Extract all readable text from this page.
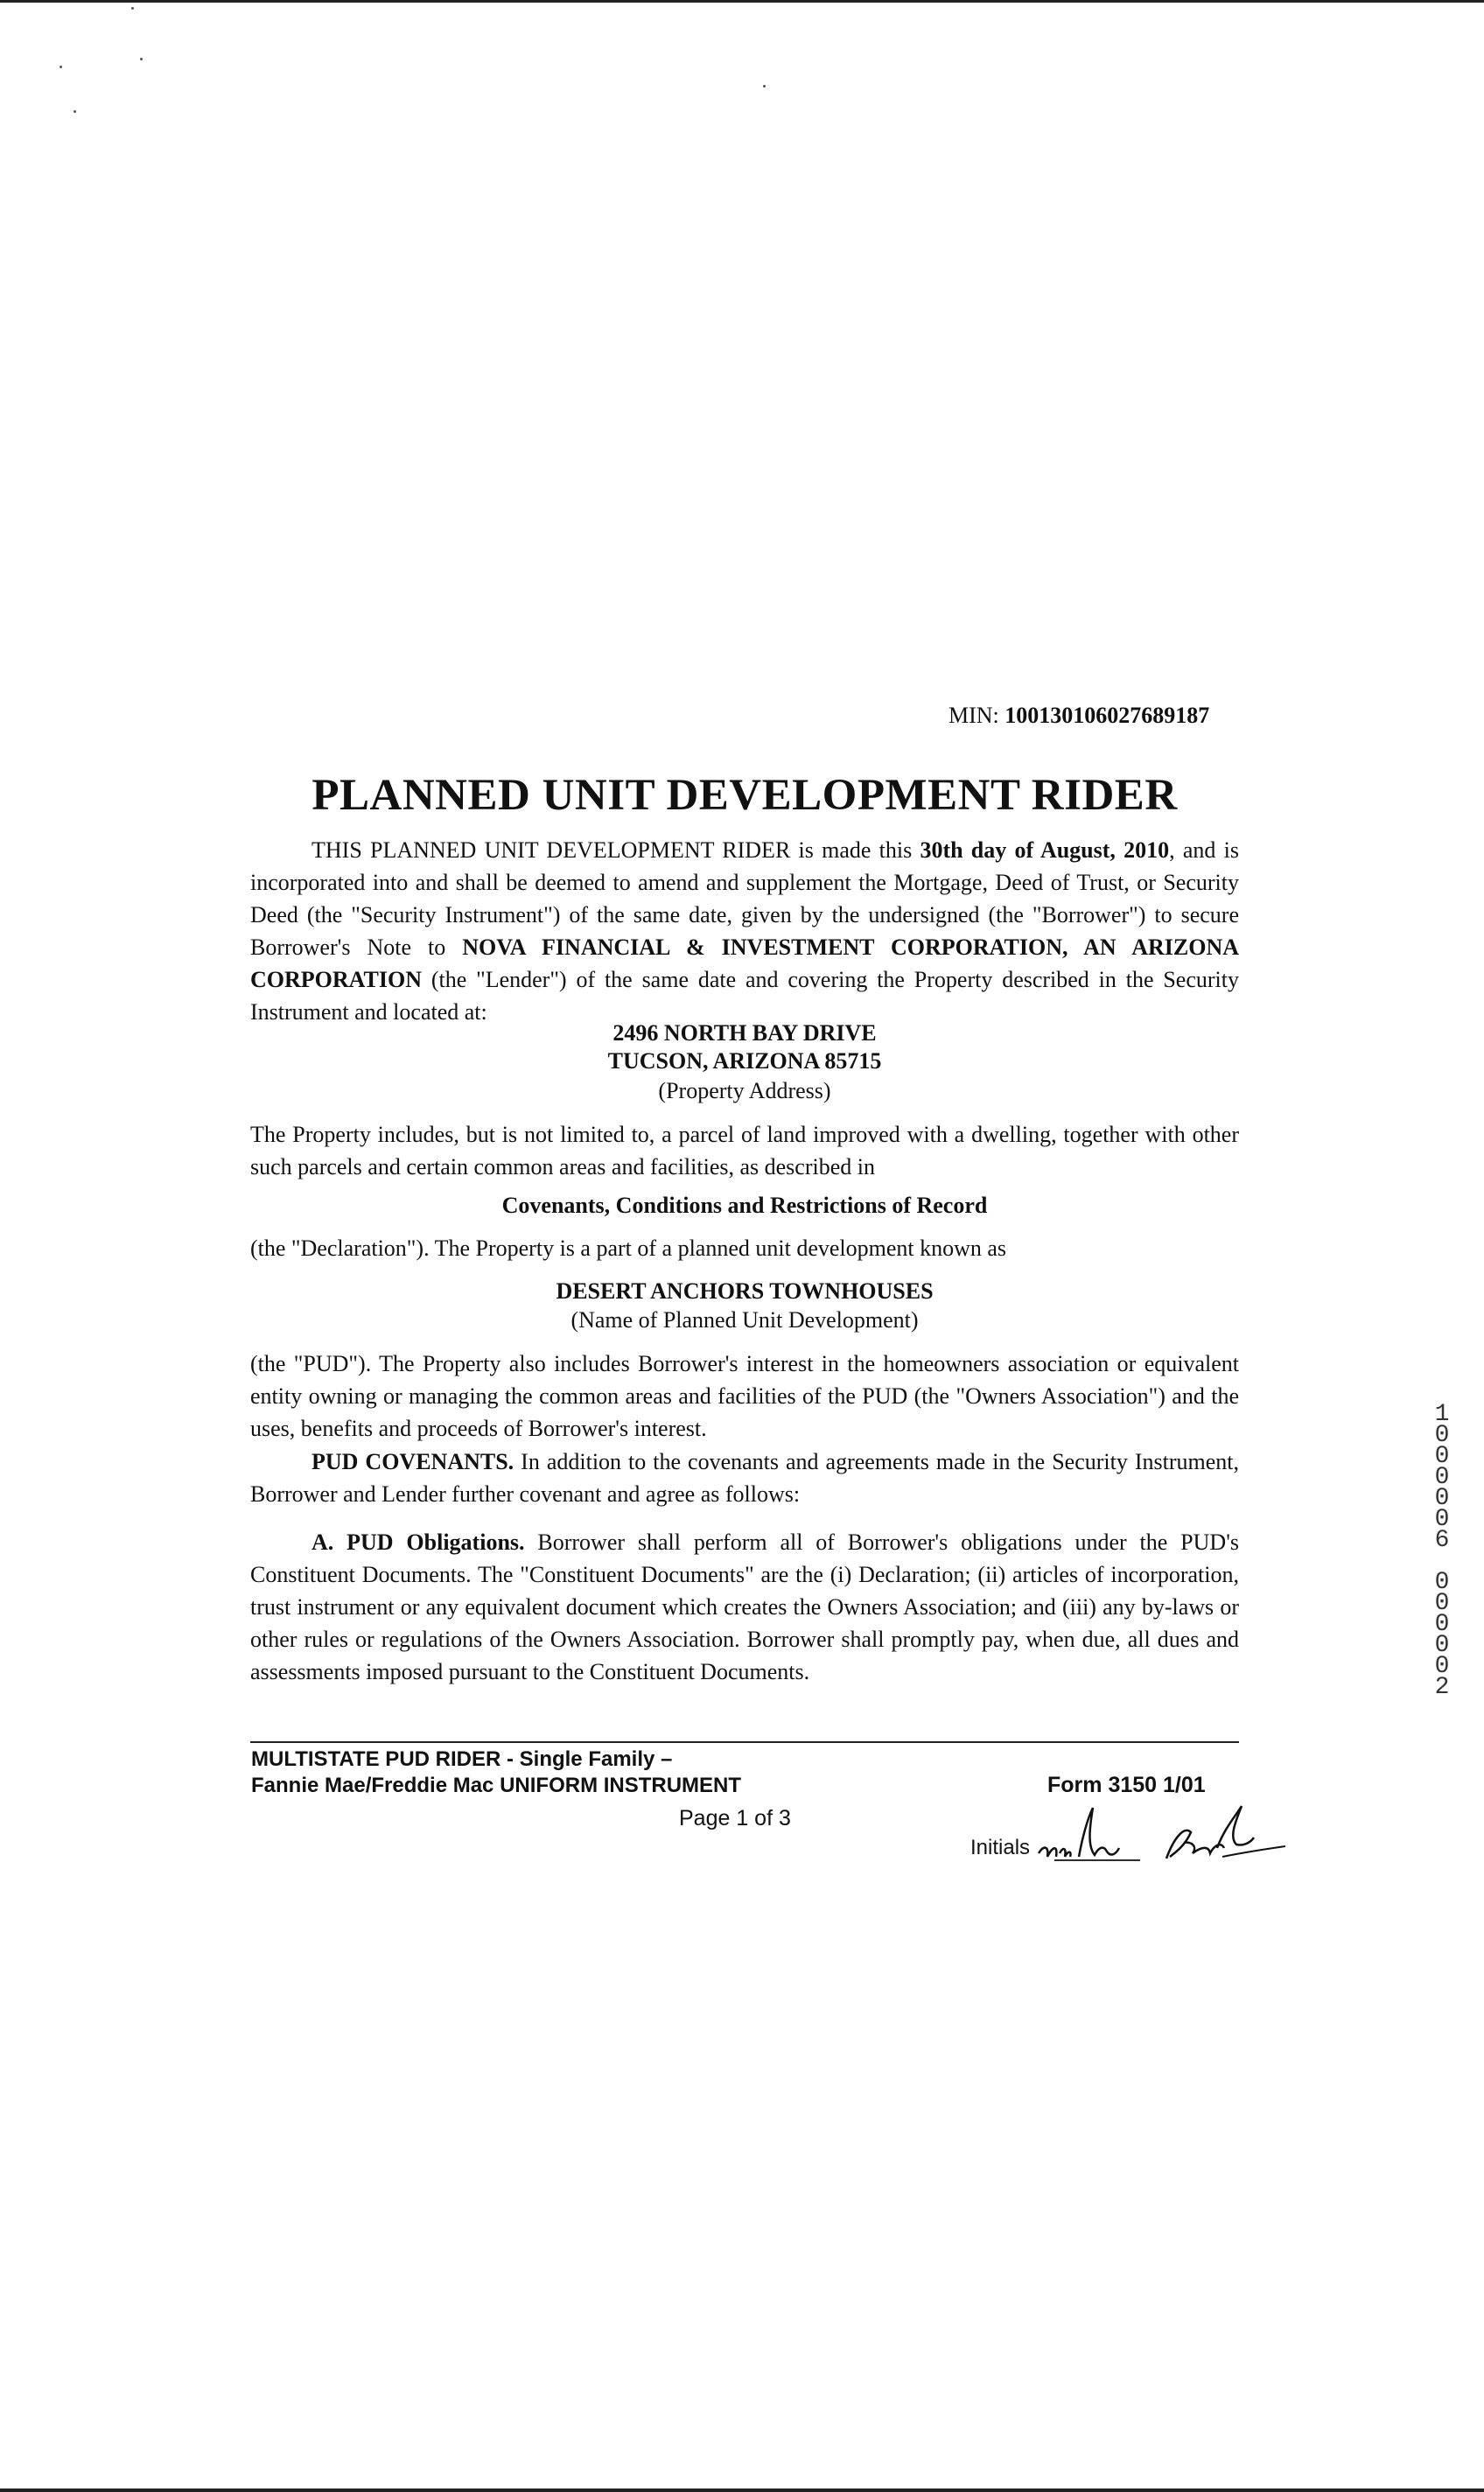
MIN: 100130106027689187
PLANNED UNIT DEVELOPMENT RIDER
THIS PLANNED UNIT DEVELOPMENT RIDER is made this 30th day of August, 2010, and is incorporated into and shall be deemed to amend and supplement the Mortgage, Deed of Trust, or Security Deed (the "Security Instrument") of the same date, given by the undersigned (the "Borrower") to secure Borrower's Note to NOVA FINANCIAL & INVESTMENT CORPORATION, AN ARIZONA CORPORATION (the "Lender") of the same date and covering the Property described in the Security Instrument and located at:
2496 NORTH BAY DRIVE
TUCSON, ARIZONA 85715
(Property Address)
The Property includes, but is not limited to, a parcel of land improved with a dwelling, together with other such parcels and certain common areas and facilities, as described in
Covenants, Conditions and Restrictions of Record
(the "Declaration"). The Property is a part of a planned unit development known as
DESERT ANCHORS TOWNHOUSES
(Name of Planned Unit Development)
(the "PUD"). The Property also includes Borrower's interest in the homeowners association or equivalent entity owning or managing the common areas and facilities of the PUD (the "Owners Association") and the uses, benefits and proceeds of Borrower's interest.
PUD COVENANTS. In addition to the covenants and agreements made in the Security Instrument, Borrower and Lender further covenant and agree as follows:
A. PUD Obligations. Borrower shall perform all of Borrower's obligations under the PUD's Constituent Documents. The "Constituent Documents" are the (i) Declaration; (ii) articles of incorporation, trust instrument or any equivalent document which creates the Owners Association; and (iii) any by-laws or other rules or regulations of the Owners Association. Borrower shall promptly pay, when due, all dues and assessments imposed pursuant to the Constituent Documents.
1
0
0
0
0
0
6
0
0
0
0
0
2
MULTISTATE PUD RIDER - Single Family –
Fannie Mae/Freddie Mac UNIFORM INSTRUMENT
Page 1 of 3
Form 3150 1/01
Initials
